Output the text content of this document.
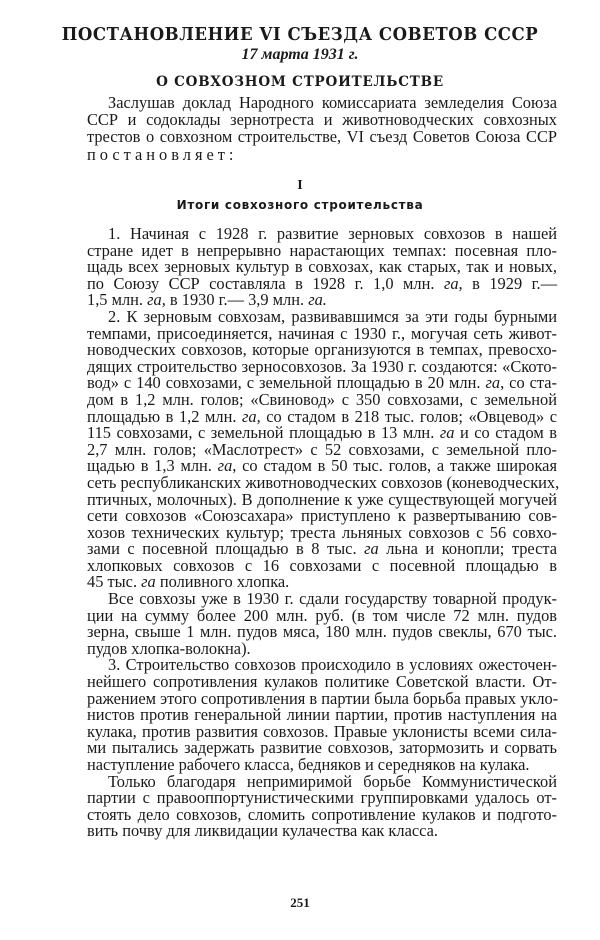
ПОСТАНОВЛЕНИЕ VI СЪЕЗДА СОВЕТОВ СССР
17 марта 1931 г.
О СОВХОЗНОМ СТРОИТЕЛЬСТВЕ
Заслушав доклад Народного комиссариата земледелия Союза
ССР и содоклады зернотреста и животноводческих совхозных
трестов о совхозном строительстве, VI съезд Советов Союза ССР
постановляет:
I
Итоги совхозного строительства
1. Начиная с 1928 г. развитие зерновых совхозов в нашей
стране идет в непрерывно нарастающих темпах: посевная пло-
щадь всех зерновых культур в совхозах, как старых, так и новых,
по Союзу ССР составляла в 1928 г. 1,0 млн. га, в 1929 г.—
1,5 млн. га, в 1930 г.— 3,9 млн. га.
2. К зерновым совхозам, развивавшимся за эти годы бурными
темпами, присоединяется, начиная с 1930 г., могучая сеть живот-
новодческих совхозов, которые организуются в темпах, превосхо-
дящих строительство зерносовхозов. За 1930 г. создаются: «Ското-
вод» с 140 совхозами, с земельной площадью в 20 млн. га, со ста-
дом в 1,2 млн. голов; «Свиновод» с 350 совхозами, с земельной
площадью в 1,2 млн. га, со стадом в 218 тыс. голов; «Овцевод» с
115 совхозами, с земельной площадью в 13 млн. га и со стадом в
2,7 млн. голов; «Маслотрест» с 52 совхозами, с земельной пло-
щадью в 1,3 млн. га, со стадом в 50 тыс. голов, а также широкая
сеть республиканских животноводческих совхозов (коневодческих,
птичных, молочных). В дополнение к уже существующей могучей
сети совхозов «Союзсахара» приступлено к развертыванию сов-
хозов технических культур; треста льняных совхозов с 56 совхо-
зами с посевной площадью в 8 тыс. га льна и конопли; треста
хлопковых совхозов с 16 совхозами с посевной площадью в
45 тыс. га поливного хлопка.
Все совхозы уже в 1930 г. сдали государству товарной продук-
ции на сумму более 200 млн. руб. (в том числе 72 млн. пудов
зерна, свыше 1 млн. пудов мяса, 180 млн. пудов свеклы, 670 тыс.
пудов хлопка-волокна).
3. Строительство совхозов происходило в условиях ожесточен-
нейшего сопротивления кулаков политике Советской власти. От-
ражением этого сопротивления в партии была борьба правых укло-
нистов против генеральной линии партии, против наступления на
кулака, против развития совхозов. Правые уклонисты всеми сила-
ми пытались задержать развитие совхозов, затормозить и сорвать
наступление рабочего класса, бедняков и середняков на кулака.
Только благодаря непримиримой борьбе Коммунистической
партии с правооппортунистическими группировками удалось от-
стоять дело совхозов, сломить сопротивление кулаков и подгото-
вить почву для ликвидации кулачества как класса.
251
